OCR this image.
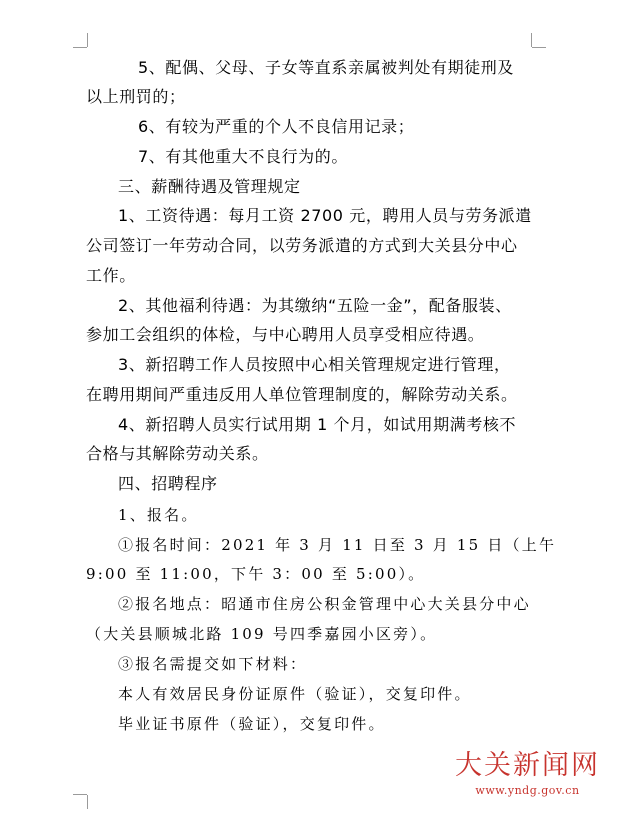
5、配偶、父母、子女等直系亲属被判处有期徒刑及
以上刑罚的；
6、有较为严重的个人不良信用记录；
7、有其他重大不良行为的。
三、薪酬待遇及管理规定
1、工资待遇：每月工资 2700 元，聘用人员与劳务派遣
公司签订一年劳动合同，以劳务派遣的方式到大关县分中心
工作。
2、其他福利待遇：为其缴纳“五险一金”，配备服装、
参加工会组织的体检，与中心聘用人员享受相应待遇。
3、新招聘工作人员按照中心相关管理规定进行管理，
在聘用期间严重违反用人单位管理制度的，解除劳动关系。
4、新招聘人员实行试用期 1 个月，如试用期满考核不
合格与其解除劳动关系。
四、招聘程序
1、报名。
①报名时间：2021 年 3 月 11 日至 3 月 15 日（上午
9:00 至 11:00，下午 3：00 至 5:00）。
②报名地点：昭通市住房公积金管理中心大关县分中心
（大关县顺城北路 109 号四季嘉园小区旁）。
③报名需提交如下材料：
本人有效居民身份证原件（验证），交复印件。
毕业证书原件（验证），交复印件。
大关新闻网
www.yndg.gov.cn
